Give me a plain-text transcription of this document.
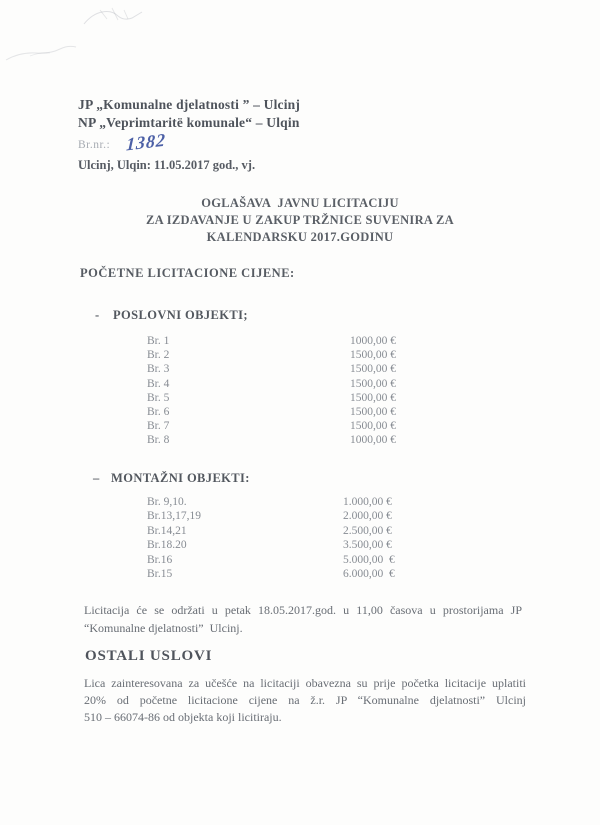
JP „Komunalne djelatnosti ” – Ulcinj
NP „Veprimtaritë komunale“ – Ulqin
Br.nr.: 1382
Ulcinj, Ulqin: 11.05.2017 god., vj.
OGLAŠAVA  JAVNU LICITACIJU
ZA IZDAVANJE U ZAKUP TRŽNICE SUVENIRA ZA
KALENDARSKU 2017.GODINU
POČETNE LICITACIONE CIJENE:
- POSLOVNI OBJEKTI;
Br. 1	1000,00 €
Br. 2	1500,00 €
Br. 3	1500,00 €
Br. 4	1500,00 €
Br. 5	1500,00 €
Br. 6	1500,00 €
Br. 7	1500,00 €
Br. 8	1000,00 €
– MONTAŽNI OBJEKTI:
Br. 9,10.	1.000,00 €
Br.13,17,19	2.000,00 €
Br.14,21	2.500,00 €
Br.18.20	3.500,00 €
Br.16	5.000,00  €
Br.15	6.000,00  €
Licitacija će se održati u petak 18.05.2017.god. u 11,00 časova u prostorijama JP
“Komunalne djelatnosti”  Ulcinj.
OSTALI USLOVI
Lica zainteresovana za učešće na licitaciji obavezna su prije početka licitacije uplatiti
20% od početne licitacione cijene na ž.r. JP “Komunalne djelatnosti” Ulcinj
510 – 66074-86 od objekta koji licitiraju.
